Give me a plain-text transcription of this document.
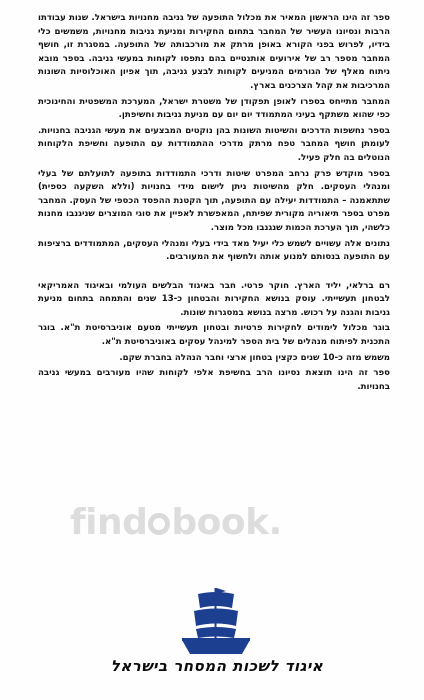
ספר זה הינו הראשון המאיר את מכלול התופעה של גניבה מחנויות בישראל. שנות עבודתו הרבות ונסיונו העשיר של המחבר בתחום החקירות ומניעת גניבות מחנויות, משמשים כלי בידיו, לפרוש בפני הקורא באופן מרתק את מורכבותה של התופעה. במסגרת זו, חושף המחבר מספר רב של אירועים אותנטיים בהם נתפסו לקוחות במעשי גניבה. בספר מובא ניתוח מאלף של הגורמים המניעים לקוחות לבצע גניבה, תוך אפיון האוכלוסיות השונות המרכיבות את קהל הצרכנים בארץ.

המחבר מתייחס בספרו לאופן תפקודן של משטרת ישראל, המערכת המשפטית והחינוכית כפי שהוא משתקף בעיני המתמודד יום יום עם מניעת גניבות וחשיפתן.

בספר נחשפות הדרכים והשיטות השונות בהן נוקטים המבצעים את מעשי הגניבה בחנויות. לעומתן חושף המחבר טפח מרתק מדרכי ההתמודדות עם התופעה וחשיפת הלקוחות הנוטלים בה חלק פעיל.

בספר מוקדש פרק נרחב המפרט שיטות ודרכי התמודדות בתופעה לתועלתם של בעלי ומנהלי העסקים. חלק מהשיטות ניתן לישום מידי בחנויות (וללא השקעה כספית) שתתאמנה – התמודדות יעילה עם התופעה, תוך הקטנת ההפסד הכספי של העסק. המחבר מפרט בספר תיאוריה מקורית שפיתח, המאפשרת לאפיין את סוגי המוצרים שניגנבו מחנות כלשהי, תוך הערכת הכמות שנגנבו מכל מוצר.

נתונים אלה עשויים לשמש כלי יעיל מאד בידי בעלי ומנהלי העסקים, המתמודדים ברציפות עם התופעה בנסותם למנוע אותה ולחשוף את המעורבים.

רם ברלאי, יליד הארץ. חוקר פרטי. חבר באיגוד הבלשים העולמי ובאיגוד האמריקאי לבטחון תעשייתי. עוסק בנושא החקירות והבטחון כ-13 שנים והתמחה בתחום מניעת גניבות והגנה על רכוש. מרצה בנושא במסגרות שונות.

בוגר מכלול לימודים לחקירות פרטיות ובטחון תעשייתי מטעם אוניברסיטת ת"א. בוגר התכנית לפיתוח מנהלים של בית הספר למינהל עסקים באוניברסיטת ת"א.

משמש מזה כ-10 שנים כקצין בטחון ארצי וחבר הנהלה בחברת שקם.

ספר זה הינו תוצאת נסיונו הרב בחשיפת אלפי לקוחות שהיו מעורבים במעשי גניבה בחנויות.

find book.
איגוד לשכות המסחר בישראל
